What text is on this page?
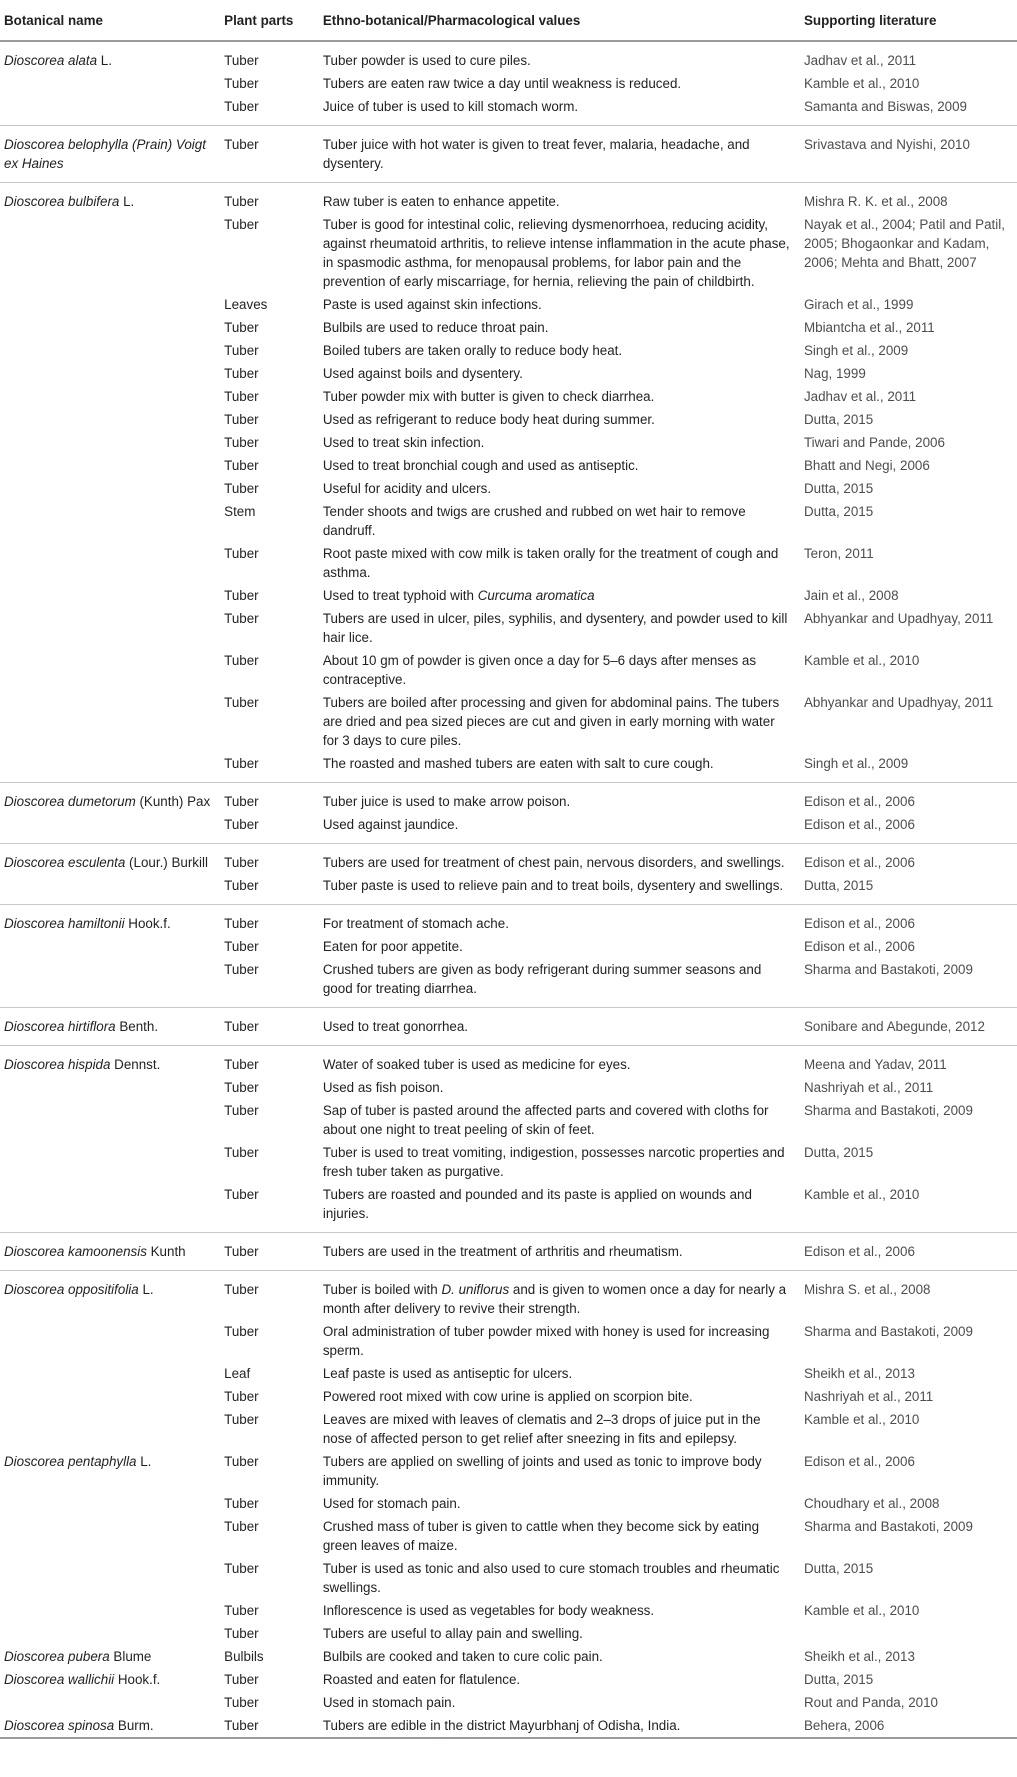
Botanical name	Plant parts	Ethno-botanical/Pharmacological values	Supporting literature
Dioscorea alata L.	Tuber	Tuber powder is used to cure piles.	Jadhav et al., 2011
	Tuber	Tubers are eaten raw twice a day until weakness is reduced.	Kamble et al., 2010
	Tuber	Juice of tuber is used to kill stomach worm.	Samanta and Biswas, 2009
Dioscorea belophylla (Prain) Voigt ex Haines	Tuber	Tuber juice with hot water is given to treat fever, malaria, headache, and dysentery.	Srivastava and Nyishi, 2010
Dioscorea bulbifera L.	Tuber	Raw tuber is eaten to enhance appetite.	Mishra R. K. et al., 2008
	Tuber	Tuber is good for intestinal colic, relieving dysmenorrhoea, reducing acidity, against rheumatoid arthritis, to relieve intense inflammation in the acute phase, in spasmodic asthma, for menopausal problems, for labor pain and the prevention of early miscarriage, for hernia, relieving the pain of childbirth.	Nayak et al., 2004; Patil and Patil, 2005; Bhogaonkar and Kadam, 2006; Mehta and Bhatt, 2007
	Leaves	Paste is used against skin infections.	Girach et al., 1999
	Tuber	Bulbils are used to reduce throat pain.	Mbiantcha et al., 2011
	Tuber	Boiled tubers are taken orally to reduce body heat.	Singh et al., 2009
	Tuber	Used against boils and dysentery.	Nag, 1999
	Tuber	Tuber powder mix with butter is given to check diarrhea.	Jadhav et al., 2011
	Tuber	Used as refrigerant to reduce body heat during summer.	Dutta, 2015
	Tuber	Used to treat skin infection.	Tiwari and Pande, 2006
	Tuber	Used to treat bronchial cough and used as antiseptic.	Bhatt and Negi, 2006
	Tuber	Useful for acidity and ulcers.	Dutta, 2015
	Stem	Tender shoots and twigs are crushed and rubbed on wet hair to remove dandruff.	Dutta, 2015
	Tuber	Root paste mixed with cow milk is taken orally for the treatment of cough and asthma.	Teron, 2011
	Tuber	Used to treat typhoid with Curcuma aromatica	Jain et al., 2008
	Tuber	Tubers are used in ulcer, piles, syphilis, and dysentery, and powder used to kill hair lice.	Abhyankar and Upadhyay, 2011
	Tuber	About 10 gm of powder is given once a day for 5–6 days after menses as contraceptive.	Kamble et al., 2010
	Tuber	Tubers are boiled after processing and given for abdominal pains. The tubers are dried and pea sized pieces are cut and given in early morning with water for 3 days to cure piles.	Abhyankar and Upadhyay, 2011
	Tuber	The roasted and mashed tubers are eaten with salt to cure cough.	Singh et al., 2009
Dioscorea dumetorum (Kunth) Pax	Tuber	Tuber juice is used to make arrow poison.	Edison et al., 2006
	Tuber	Used against jaundice.	Edison et al., 2006
Dioscorea esculenta (Lour.) Burkill	Tuber	Tubers are used for treatment of chest pain, nervous disorders, and swellings.	Edison et al., 2006
	Tuber	Tuber paste is used to relieve pain and to treat boils, dysentery and swellings.	Dutta, 2015
Dioscorea hamiltonii Hook.f.	Tuber	For treatment of stomach ache.	Edison et al., 2006
	Tuber	Eaten for poor appetite.	Edison et al., 2006
	Tuber	Crushed tubers are given as body refrigerant during summer seasons and good for treating diarrhea.	Sharma and Bastakoti, 2009
Dioscorea hirtiflora Benth.	Tuber	Used to treat gonorrhea.	Sonibare and Abegunde, 2012
Dioscorea hispida Dennst.	Tuber	Water of soaked tuber is used as medicine for eyes.	Meena and Yadav, 2011
	Tuber	Used as fish poison.	Nashriyah et al., 2011
	Tuber	Sap of tuber is pasted around the affected parts and covered with cloths for about one night to treat peeling of skin of feet.	Sharma and Bastakoti, 2009
	Tuber	Tuber is used to treat vomiting, indigestion, possesses narcotic properties and fresh tuber taken as purgative.	Dutta, 2015
	Tuber	Tubers are roasted and pounded and its paste is applied on wounds and injuries.	Kamble et al., 2010
Dioscorea kamoonensis Kunth	Tuber	Tubers are used in the treatment of arthritis and rheumatism.	Edison et al., 2006
Dioscorea oppositifolia L.	Tuber	Tuber is boiled with D. uniflorus and is given to women once a day for nearly a month after delivery to revive their strength.	Mishra S. et al., 2008
	Tuber	Oral administration of tuber powder mixed with honey is used for increasing sperm.	Sharma and Bastakoti, 2009
	Leaf	Leaf paste is used as antiseptic for ulcers.	Sheikh et al., 2013
	Tuber	Powered root mixed with cow urine is applied on scorpion bite.	Nashriyah et al., 2011
	Tuber	Leaves are mixed with leaves of clematis and 2–3 drops of juice put in the nose of affected person to get relief after sneezing in fits and epilepsy.	Kamble et al., 2010
Dioscorea pentaphylla L.	Tuber	Tubers are applied on swelling of joints and used as tonic to improve body immunity.	Edison et al., 2006
	Tuber	Used for stomach pain.	Choudhary et al., 2008
	Tuber	Crushed mass of tuber is given to cattle when they become sick by eating green leaves of maize.	Sharma and Bastakoti, 2009
	Tuber	Tuber is used as tonic and also used to cure stomach troubles and rheumatic swellings.	Dutta, 2015
	Tuber	Inflorescence is used as vegetables for body weakness.	Kamble et al., 2010
	Tuber	Tubers are useful to allay pain and swelling.	
Dioscorea pubera Blume	Bulbils	Bulbils are cooked and taken to cure colic pain.	Sheikh et al., 2013
Dioscorea wallichii Hook.f.	Tuber	Roasted and eaten for flatulence.	Dutta, 2015
	Tuber	Used in stomach pain.	Rout and Panda, 2010
Dioscorea spinosa Burm.	Tuber	Tubers are edible in the district Mayurbhanj of Odisha, India.	Behera, 2006
